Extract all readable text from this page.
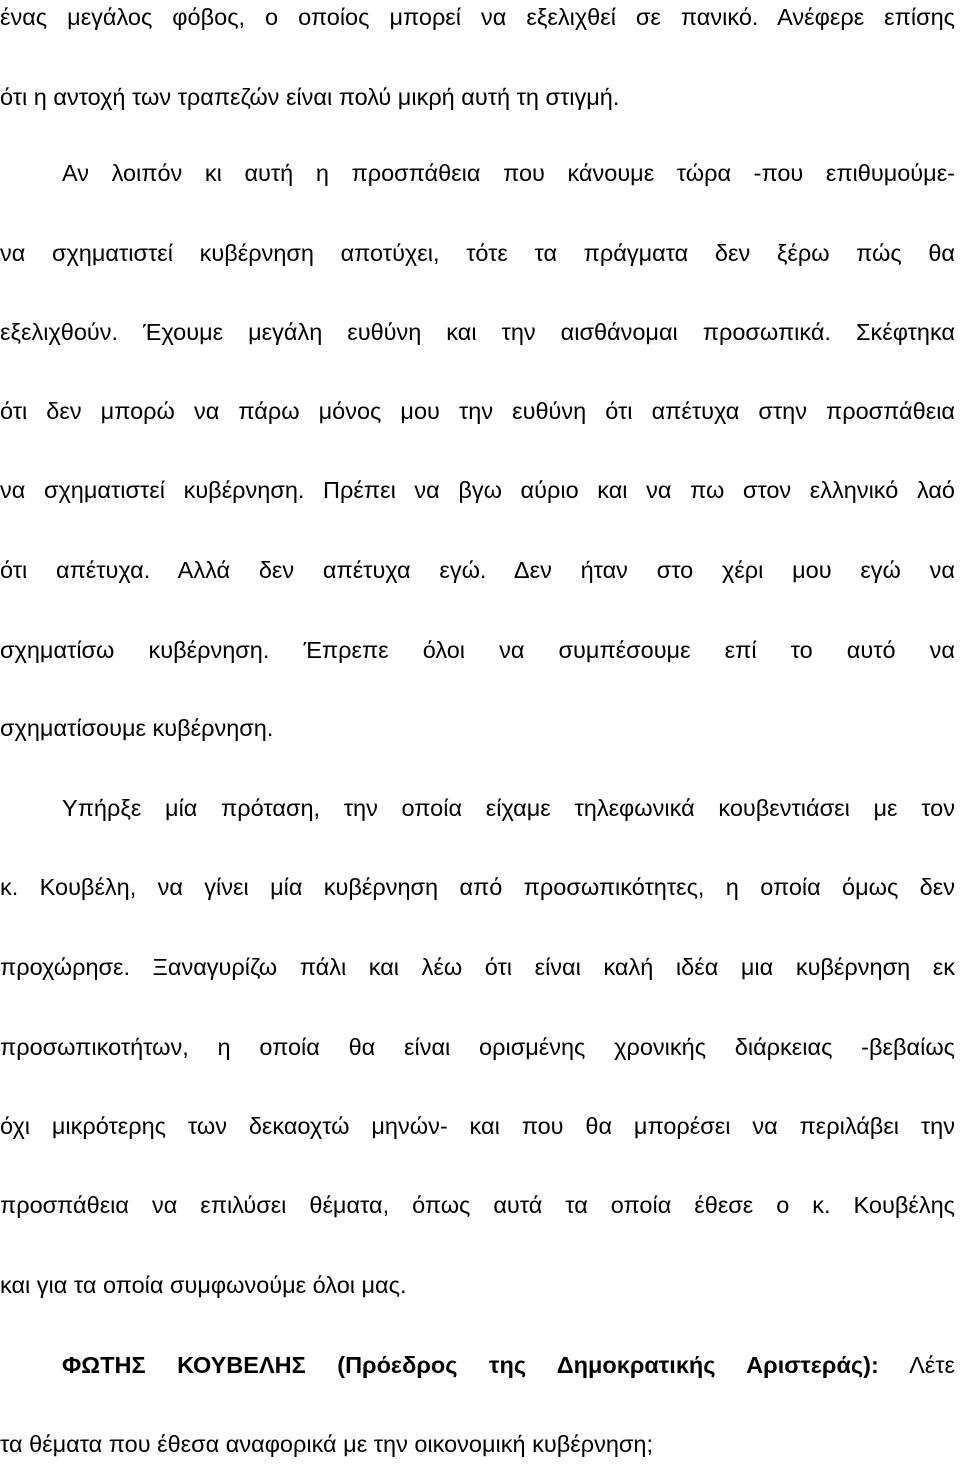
ένας μεγάλος φόβος, ο οποίος μπορεί να εξελιχθεί σε πανικό. Ανέφερε επίσης
ότι η αντοχή των τραπεζών είναι πολύ μικρή αυτή τη στιγμή.
Αν λοιπόν κι αυτή η προσπάθεια που κάνουμε τώρα -που επιθυμούμε-
να σχηματιστεί κυβέρνηση αποτύχει, τότε τα πράγματα δεν ξέρω πώς θα
εξελιχθούν. Έχουμε μεγάλη ευθύνη και την αισθάνομαι προσωπικά. Σκέφτηκα
ότι δεν μπορώ να πάρω μόνος μου την ευθύνη ότι απέτυχα στην προσπάθεια
να σχηματιστεί κυβέρνηση. Πρέπει να βγω αύριο και να πω στον ελληνικό λαό
ότι απέτυχα. Αλλά δεν απέτυχα εγώ. Δεν ήταν στο χέρι μου εγώ να
σχηματίσω κυβέρνηση. Έπρεπε όλοι να συμπέσουμε επί το αυτό να
σχηματίσουμε κυβέρνηση.
Υπήρξε μία πρόταση, την οποία είχαμε τηλεφωνικά κουβεντιάσει με τον
κ. Κουβέλη, να γίνει μία κυβέρνηση από προσωπικότητες, η οποία όμως δεν
προχώρησε. Ξαναγυρίζω πάλι και λέω ότι είναι καλή ιδέα μια κυβέρνηση εκ
προσωπικοτήτων, η οποία θα είναι ορισμένης χρονικής διάρκειας -βεβαίως
όχι μικρότερης των δεκαοχτώ μηνών- και που θα μπορέσει να περιλάβει την
προσπάθεια να επιλύσει θέματα, όπως αυτά τα οποία έθεσε ο κ. Κουβέλης
και για τα οποία συμφωνούμε όλοι μας.
ΦΩΤΗΣ ΚΟΥΒΕΛΗΣ (Πρόεδρος της Δημοκρατικής Αριστεράς): Λέτε
τα θέματα που έθεσα αναφορικά με την οικονομική κυβέρνηση;
